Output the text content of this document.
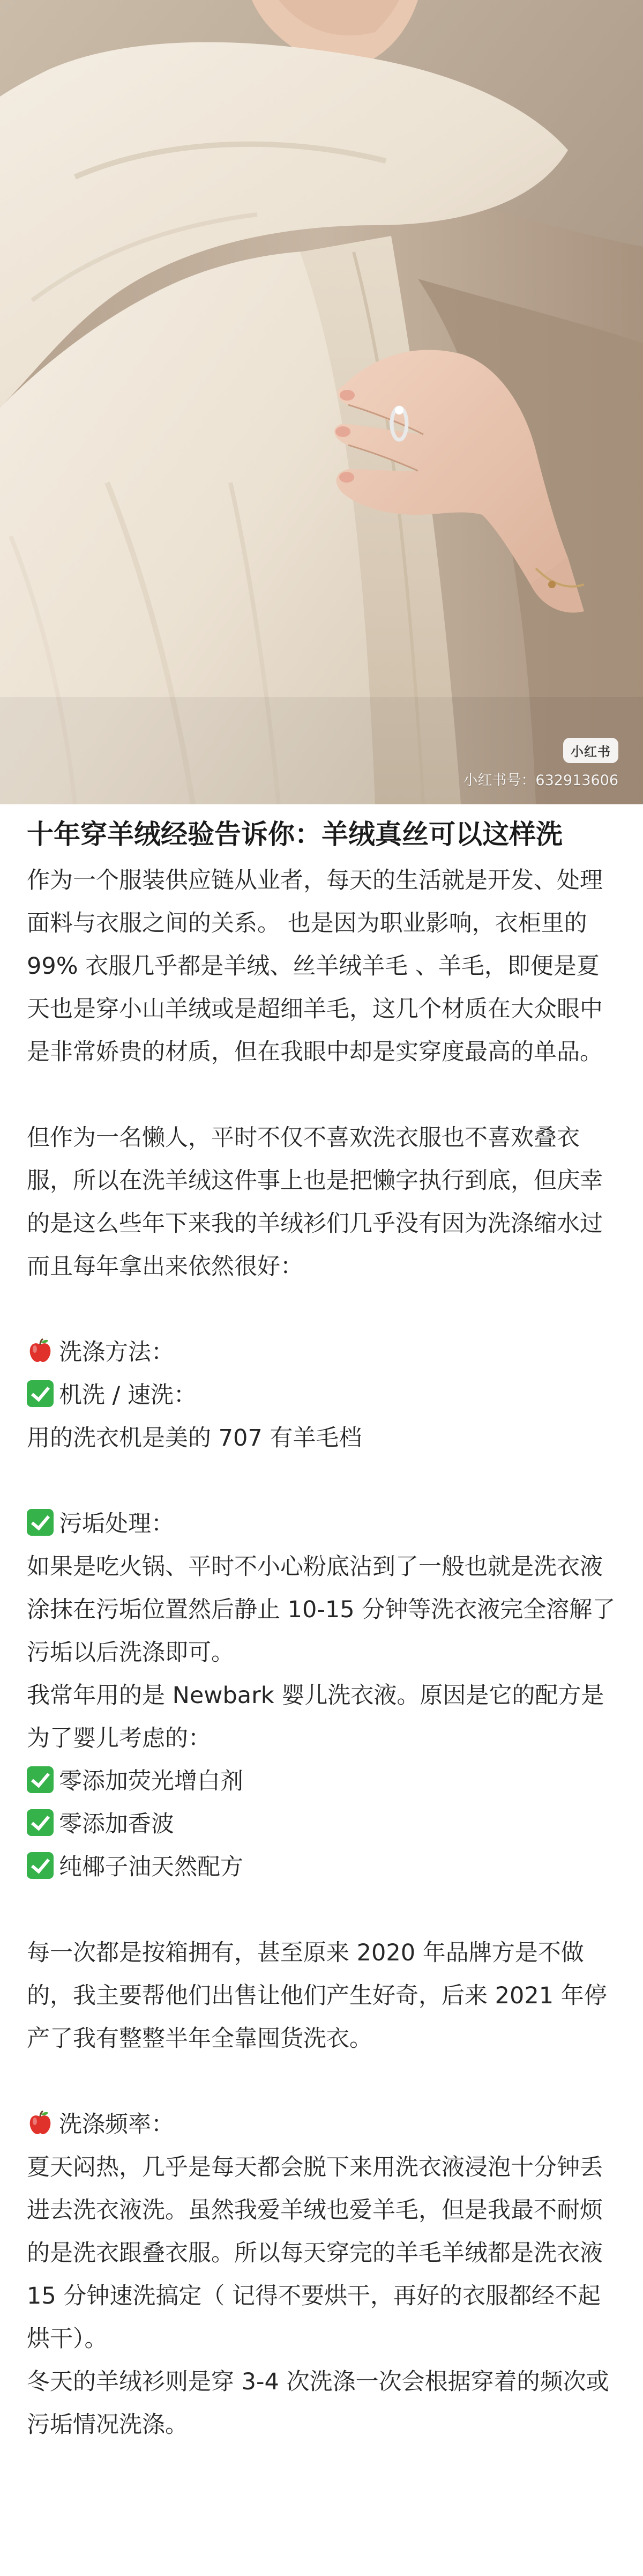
小红书
小红书号：632913606
十年穿羊绒经验告诉你：羊绒真丝可以这样洗

作为一个服装供应链从业者，每天的生活就是开发、处理面料与衣服之间的关系。 也是因为职业影响，衣柜里的99% 衣服几乎都是羊绒、丝羊绒羊毛 、羊毛，即便是夏天也是穿小山羊绒或是超细羊毛，这几个材质在大众眼中是非常娇贵的材质，但在我眼中却是实穿度最高的单品。

但作为一名懒人，平时不仅不喜欢洗衣服也不喜欢叠衣服，所以在洗羊绒这件事上也是把懒字执行到底，但庆幸的是这么些年下来我的羊绒衫们几乎没有因为洗涤缩水过而且每年拿出来依然很好：

洗涤方法：

机洗 / 速洗：

用的洗衣机是美的 707 有羊毛档

污垢处理：

如果是吃火锅、平时不小心粉底沾到了一般也就是洗衣液涂抹在污垢位置然后静止 10-15 分钟等洗衣液完全溶解了污垢以后洗涤即可。

我常年用的是 Newbark 婴儿洗衣液。原因是它的配方是为了婴儿考虑的：

零添加荧光增白剂

零添加香波

纯椰子油天然配方

每一次都是按箱拥有，甚至原来 2020 年品牌方是不做的，我主要帮他们出售让他们产生好奇，后来 2021 年停产了我有整整半年全靠囤货洗衣。

洗涤频率：

夏天闷热，几乎是每天都会脱下来用洗衣液浸泡十分钟丢进去洗衣液洗。虽然我爱羊绒也爱羊毛，但是我最不耐烦的是洗衣跟叠衣服。所以每天穿完的羊毛羊绒都是洗衣液 15 分钟速洗搞定（ 记得不要烘干，再好的衣服都经不起烘干）。

冬天的羊绒衫则是穿 3-4 次洗涤一次会根据穿着的频次或污垢情况洗涤。
